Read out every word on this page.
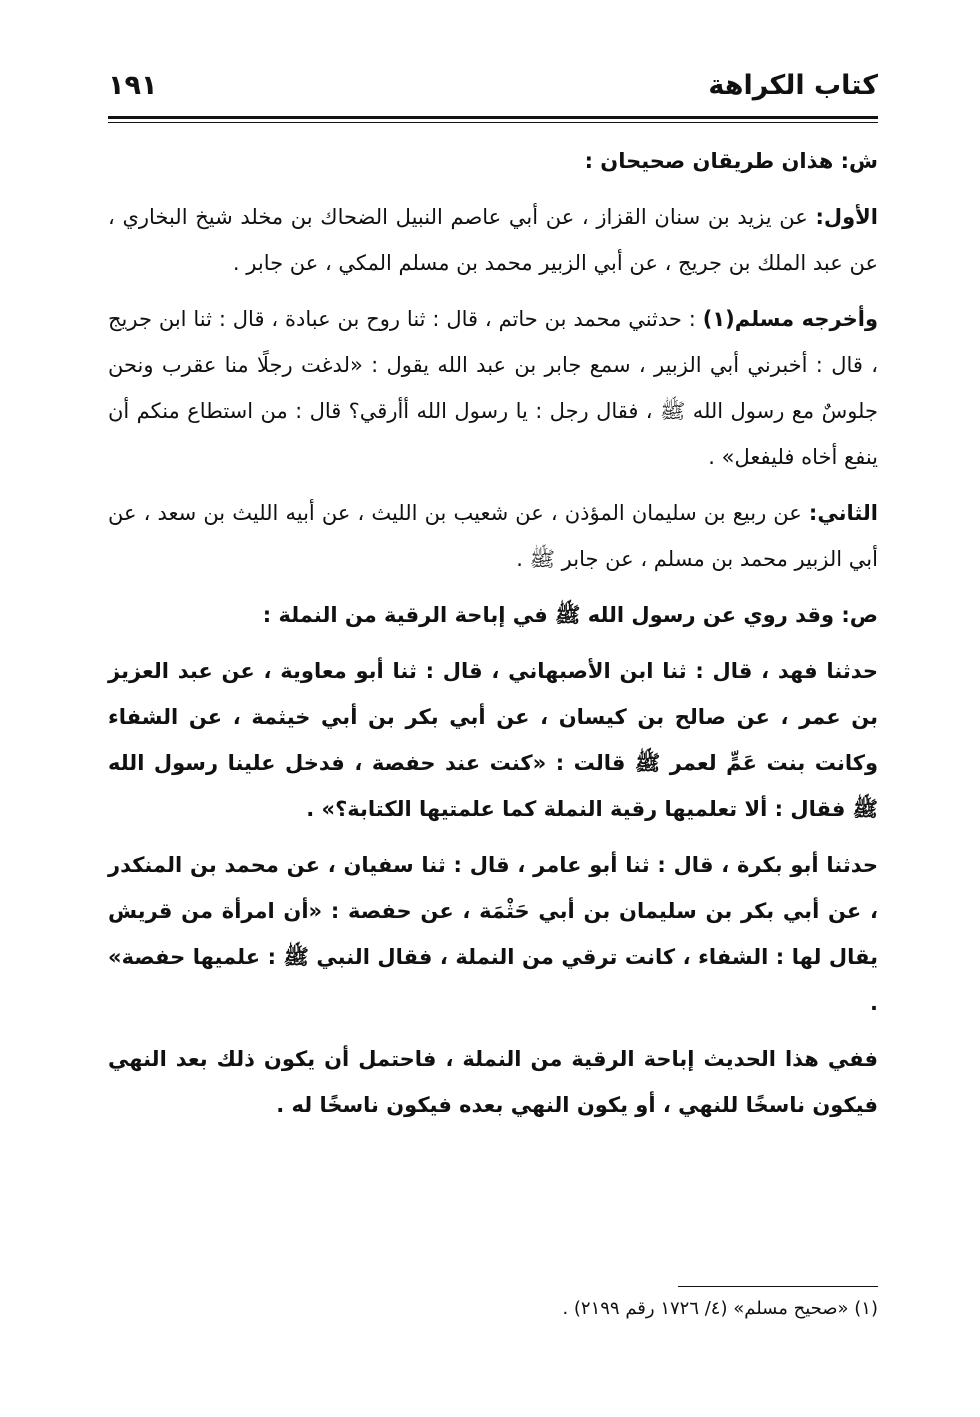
كتاب الكراهة
١٩١

ش: هذان طريقان صحيحان :

الأول: عن يزيد بن سنان القزاز ، عن أبي عاصم النبيل الضحاك بن مخلد شيخ البخاري ، عن عبد الملك بن جريج ، عن أبي الزبير محمد بن مسلم المكي ، عن جابر .

وأخرجه مسلم(١) : حدثني محمد بن حاتم ، قال : ثنا روح بن عبادة ، قال : ثنا ابن جريج ، قال : أخبرني أبي الزبير ، سمع جابر بن عبد الله يقول : «لدغت رجلًا منا عقرب ونحن جلوسٌ مع رسول الله ﷺ ، فقال رجل : يا رسول الله أأرقي؟ قال : من استطاع منكم أن ينفع أخاه فليفعل» .

الثاني: عن ربيع بن سليمان المؤذن ، عن شعيب بن الليث ، عن أبيه الليث بن سعد ، عن أبي الزبير محمد بن مسلم ، عن جابر ﷺ .

ص: وقد روي عن رسول الله ﷺ في إباحة الرقية من النملة :

حدثنا فهد ، قال : ثنا ابن الأصبهاني ، قال : ثنا أبو معاوية ، عن عبد العزيز بن عمر ، عن صالح بن كيسان ، عن أبي بكر بن أبي خيثمة ، عن الشفاء وكانت بنت عَمٍّ لعمر ﷺ قالت : «كنت عند حفصة ، فدخل علينا رسول الله ﷺ فقال : ألا تعلميها رقية النملة كما علمتيها الكتابة؟» .

حدثنا أبو بكرة ، قال : ثنا أبو عامر ، قال : ثنا سفيان ، عن محمد بن المنكدر ، عن أبي بكر بن سليمان بن أبي حَثْمَة ، عن حفصة : «أن امرأة من قريش يقال لها : الشفاء ، كانت ترقي من النملة ، فقال النبي ﷺ : علميها حفصة» .

ففي هذا الحديث إباحة الرقية من النملة ، فاحتمل أن يكون ذلك بعد النهي فيكون ناسخًا للنهي ، أو يكون النهي بعده فيكون ناسخًا له .

(١) «صحيح مسلم» (٤/ ١٧٢٦ رقم ٢١٩٩) .
